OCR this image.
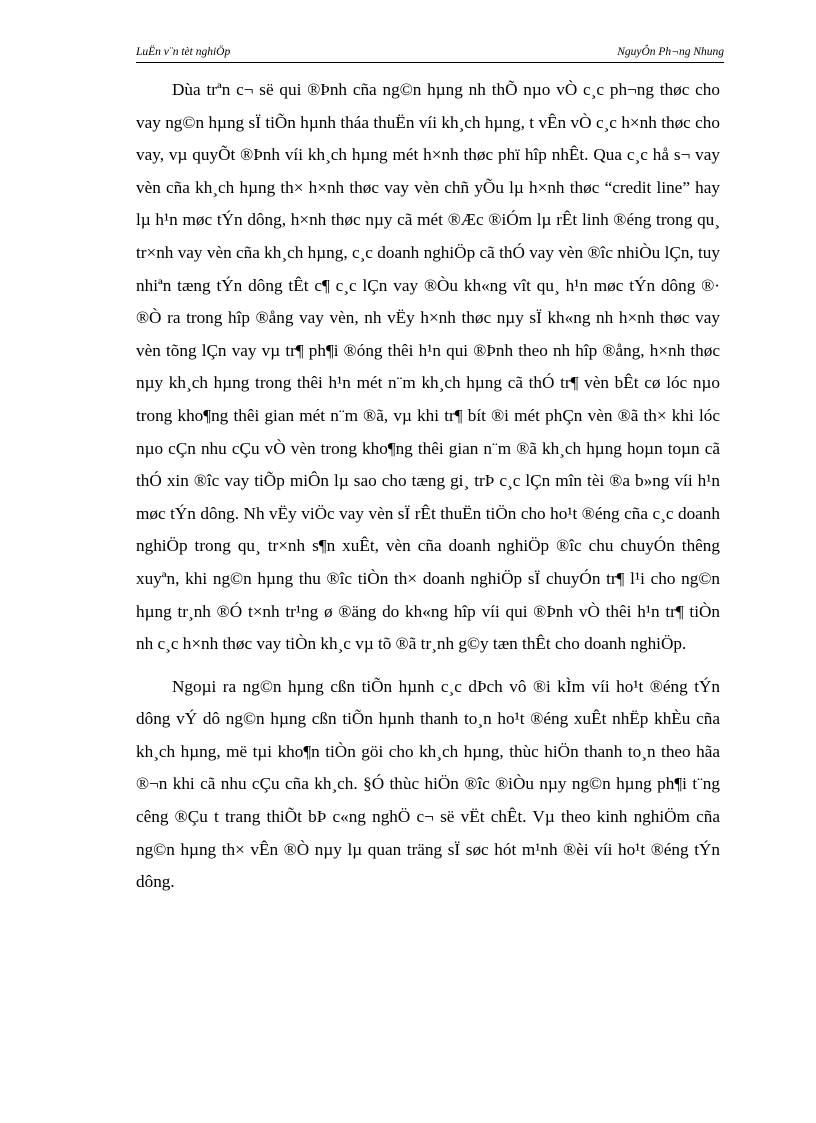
LuËn v¨n tèt nghiÖp	NguyÔn Ph¬ng Nhung

Dùa trªn c¬ së qui ®Þnh cña ng©n hµng nh thÕ nµo vÒ c¸c ph¬ng thøc cho vay ng©n hµng sÏ tiÕn hµnh tháa thuËn víi kh¸ch hµng, t vÊn vÒ c¸c h×nh thøc cho vay, vµ quyÕt ®Þnh víi kh¸ch hµng mét h×nh thøc phï hîp nhÊt. Qua c¸c hå s¬ vay vèn cña kh¸ch hµng th× h×nh thøc vay vèn chñ yÕu lµ h×nh thøc “credit line” hay lµ h¹n møc tÝn dông, h×nh thøc nµy cã mét ®Æc ®iÓm lµ rÊt linh ®éng trong qu¸ tr×nh vay vèn cña kh¸ch hµng, c¸c doanh nghiÖp cã thÓ vay vèn ®îc nhiÒu lÇn, tuy nhiªn tæng tÝn dông tÊt c¶ c¸c lÇn vay ®Òu kh«ng vît qu¸ h¹n møc tÝn dông ®· ®Ò ra trong hîp ®ång vay vèn, nh vËy h×nh thøc nµy sÏ kh«ng nh h×nh thøc vay vèn tõng lÇn vay vµ tr¶ ph¶i ®óng thêi h¹n qui ®Þnh theo nh hîp ®ång, h×nh thøc nµy kh¸ch hµng trong thêi h¹n mét n¨m kh¸ch hµng cã thÓ tr¶ vèn bÊt cø lóc nµo trong kho¶ng thêi gian mét n¨m ®ã, vµ khi tr¶ bít ®i mét phÇn vèn ®ã th× khi lóc nµo cÇn nhu cÇu vÒ vèn trong kho¶ng thêi gian n¨m ®ã kh¸ch hµng hoµn toµn cã thÓ xin ®îc vay tiÕp miÔn lµ sao cho tæng gi¸ trÞ c¸c lÇn mîn tèi ®a b»ng víi h¹n møc tÝn dông. Nh vËy viÖc vay vèn sÏ rÊt thuËn tiÖn cho ho¹t ®éng cña c¸c doanh nghiÖp trong qu¸ tr×nh s¶n xuÊt, vèn cña doanh nghiÖp ®îc chu chuyÓn thêng xuyªn, khi ng©n hµng thu ®îc tiÒn th× doanh nghiÖp sÏ chuyÓn tr¶ l¹i cho ng©n hµng tr¸nh ®Ó t×nh tr¹ng ø ®äng do kh«ng hîp víi qui ®Þnh vÒ thêi h¹n tr¶ tiÒn nh c¸c h×nh thøc vay tiÒn kh¸c vµ tõ ®ã tr¸nh g©y tæn thÊt cho doanh nghiÖp.

Ngoµi ra ng©n hµng cßn tiÕn hµnh c¸c dÞch vô ®i kÌm víi ho¹t ®éng tÝn dông vÝ dô ng©n hµng cßn tiÕn hµnh thanh to¸n ho¹t ®éng xuÊt nhËp khÈu cña kh¸ch hµng, më tµi kho¶n tiÒn göi cho kh¸ch hµng, thùc hiÖn thanh to¸n theo hãa ®¬n khi cã nhu cÇu cña kh¸ch. §Ó thùc hiÖn ®îc ®iÒu nµy ng©n hµng ph¶i t¨ng cêng ®Çu t trang thiÕt bÞ c«ng nghÖ c¬ së vËt chÊt. Vµ theo kinh nghiÖm cña ng©n hµng th× vÊn ®Ò nµy lµ quan träng sÏ søc hót m¹nh ®èi víi ho¹t ®éng tÝn dông.
